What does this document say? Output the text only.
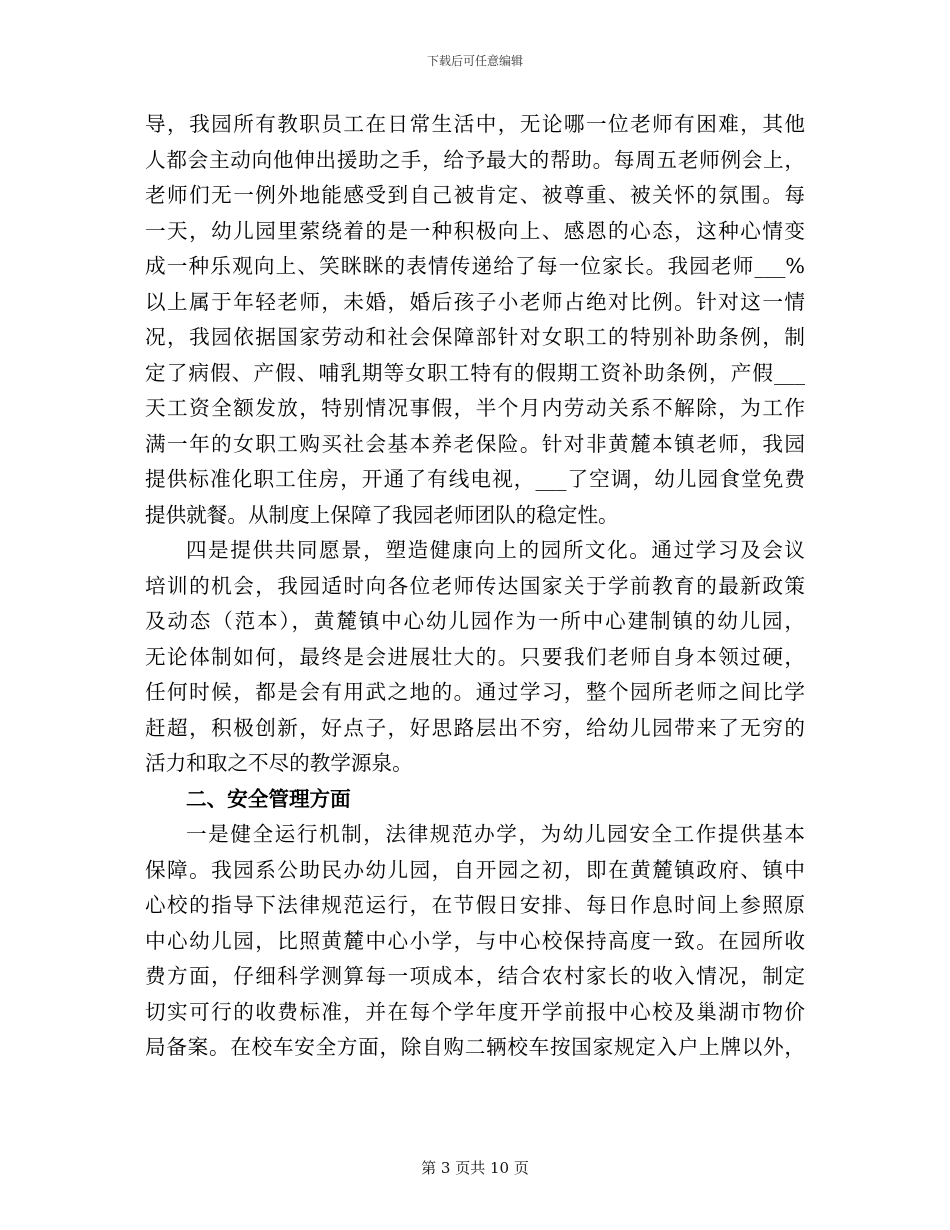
下载后可任意编辑
导，我园所有教职员工在日常生活中，无论哪一位老师有困难，其他
人都会主动向他伸出援助之手，给予最大的帮助。每周五老师例会上，
老师们无一例外地能感受到自己被肯定、被尊重、被关怀的氛围。每
一天，幼儿园里萦绕着的是一种积极向上、感恩的心态，这种心情变
成一种乐观向上、笑眯眯的表情传递给了每一位家长。我园老师___%
以上属于年轻老师，未婚，婚后孩子小老师占绝对比例。针对这一情
况，我园依据国家劳动和社会保障部针对女职工的特别补助条例，制
定了病假、产假、哺乳期等女职工特有的假期工资补助条例，产假___
天工资全额发放，特别情况事假，半个月内劳动关系不解除，为工作
满一年的女职工购买社会基本养老保险。针对非黄麓本镇老师，我园
提供标准化职工住房，开通了有线电视，___了空调，幼儿园食堂免费
提供就餐。从制度上保障了我园老师团队的稳定性。
四是提供共同愿景，塑造健康向上的园所文化。通过学习及会议
培训的机会，我园适时向各位老师传达国家关于学前教育的最新政策
及动态（范本），黄麓镇中心幼儿园作为一所中心建制镇的幼儿园，
无论体制如何，最终是会进展壮大的。只要我们老师自身本领过硬，
任何时候，都是会有用武之地的。通过学习，整个园所老师之间比学
赶超，积极创新，好点子，好思路层出不穷，给幼儿园带来了无穷的
活力和取之不尽的教学源泉。
二、安全管理方面
一是健全运行机制，法律规范办学，为幼儿园安全工作提供基本
保障。我园系公助民办幼儿园，自开园之初，即在黄麓镇政府、镇中
心校的指导下法律规范运行，在节假日安排、每日作息时间上参照原
中心幼儿园，比照黄麓中心小学，与中心校保持高度一致。在园所收
费方面，仔细科学测算每一项成本，结合农村家长的收入情况，制定
切实可行的收费标准，并在每个学年度开学前报中心校及巢湖市物价
局备案。在校车安全方面，除自购二辆校车按国家规定入户上牌以外，
第 3 页共 10 页
